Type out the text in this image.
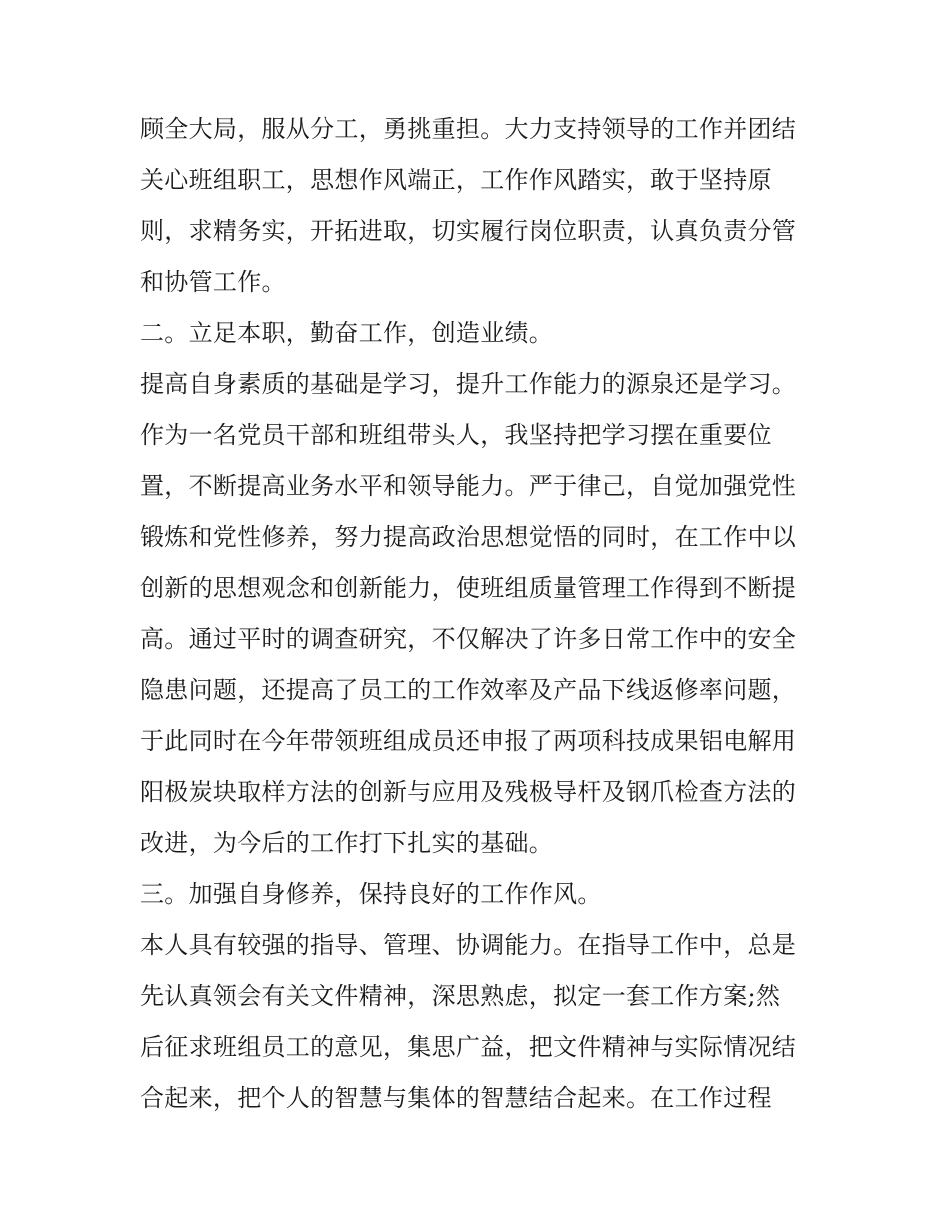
顾全大局，服从分工，勇挑重担。大力支持领导的工作并团结
关心班组职工，思想作风端正，工作作风踏实，敢于坚持原
则，求精务实，开拓进取，切实履行岗位职责，认真负责分管
和协管工作。
二。立足本职，勤奋工作，创造业绩。
提高自身素质的基础是学习，提升工作能力的源泉还是学习。
作为一名党员干部和班组带头人，我坚持把学习摆在重要位
置，不断提高业务水平和领导能力。严于律己，自觉加强党性
锻炼和党性修养，努力提高政治思想觉悟的同时，在工作中以
创新的思想观念和创新能力，使班组质量管理工作得到不断提
高。通过平时的调查研究，不仅解决了许多日常工作中的安全
隐患问题，还提高了员工的工作效率及产品下线返修率问题，
于此同时在今年带领班组成员还申报了两项科技成果铝电解用
阳极炭块取样方法的创新与应用及残极导杆及钢爪检查方法的
改进，为今后的工作打下扎实的基础。
三。加强自身修养，保持良好的工作作风。
本人具有较强的指导、管理、协调能力。在指导工作中，总是
先认真领会有关文件精神，深思熟虑，拟定一套工作方案;然
后征求班组员工的意见，集思广益，把文件精神与实际情况结
合起来，把个人的智慧与集体的智慧结合起来。在工作过程
